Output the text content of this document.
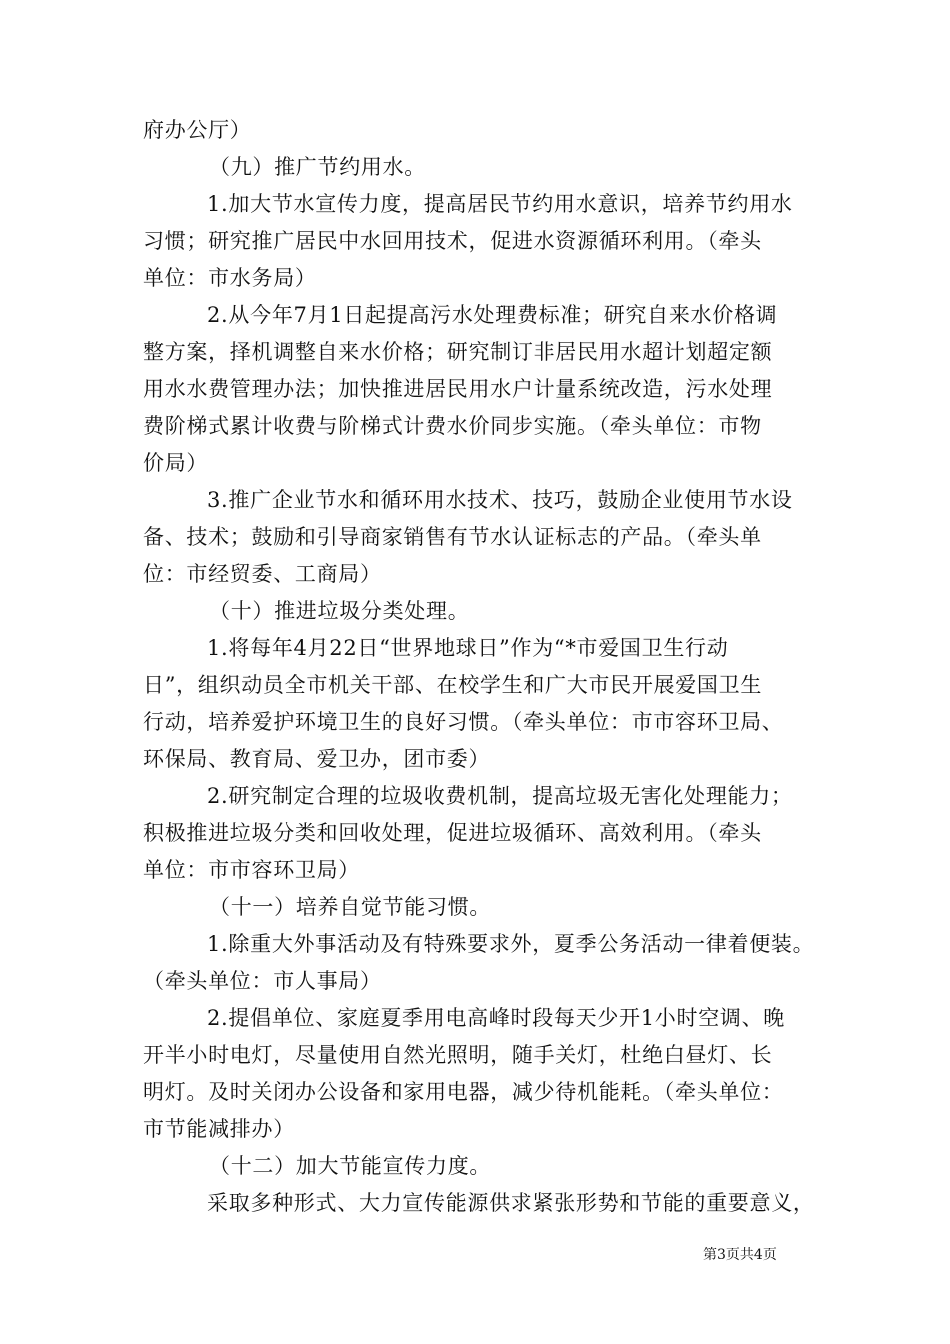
府办公厅）
（九）推广节约用水。
1.加大节水宣传力度，提高居民节约用水意识，培养节约用水
习惯；研究推广居民中水回用技术，促进水资源循环利用。（牵头
单位：市水务局）
2.从今年7月1日起提高污水处理费标准；研究自来水价格调
整方案，择机调整自来水价格；研究制订非居民用水超计划超定额
用水水费管理办法；加快推进居民用水户计量系统改造，污水处理
费阶梯式累计收费与阶梯式计费水价同步实施。（牵头单位：市物
价局）
3.推广企业节水和循环用水技术、技巧，鼓励企业使用节水设
备、技术；鼓励和引导商家销售有节水认证标志的产品。（牵头单
位：市经贸委、工商局）
（十）推进垃圾分类处理。
1.将每年4月22日“世界地球日”作为“*市爱国卫生行动
日”，组织动员全市机关干部、在校学生和广大市民开展爱国卫生
行动，培养爱护环境卫生的良好习惯。（牵头单位：市市容环卫局、
环保局、教育局、爱卫办，团市委）
2.研究制定合理的垃圾收费机制，提高垃圾无害化处理能力；
积极推进垃圾分类和回收处理，促进垃圾循环、高效利用。（牵头
单位：市市容环卫局）
（十一）培养自觉节能习惯。
1.除重大外事活动及有特殊要求外，夏季公务活动一律着便装。
（牵头单位：市人事局）
2.提倡单位、家庭夏季用电高峰时段每天少开1小时空调、晚
开半小时电灯，尽量使用自然光照明，随手关灯，杜绝白昼灯、长
明灯。及时关闭办公设备和家用电器，减少待机能耗。（牵头单位：
市节能减排办）
（十二）加大节能宣传力度。
采取多种形式、大力宣传能源供求紧张形势和节能的重要意义，
第3页共4页
